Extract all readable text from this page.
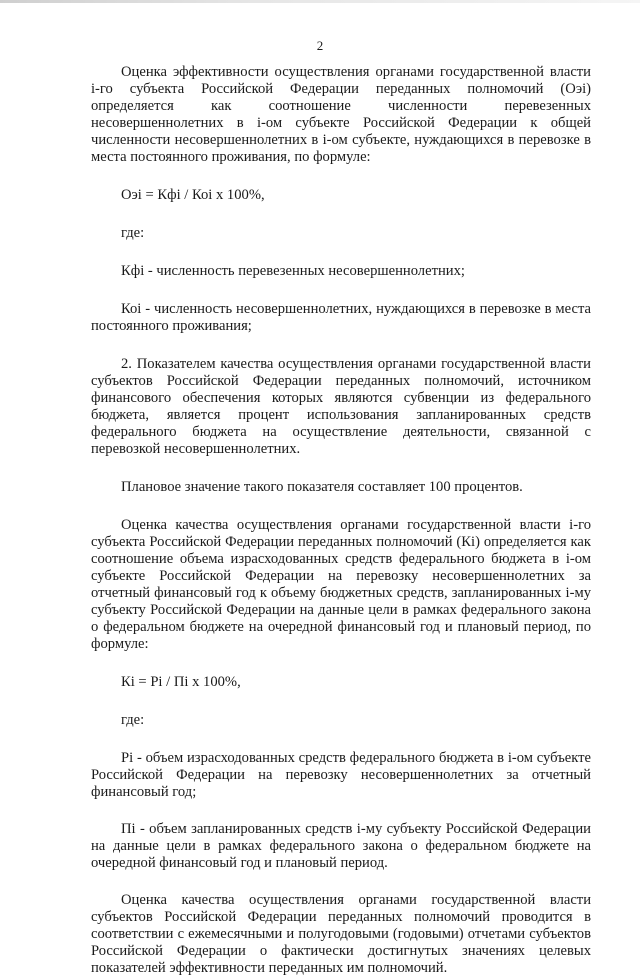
2

Оценка эффективности осуществления органами государственной власти i-го субъекта Российской Федерации переданных полномочий (Оэi) определяется как соотношение численности перевезенных несовершеннолетних в i-ом субъекте Российской Федерации к общей численности несовершеннолетних в i-ом субъекте, нуждающихся в перевозке в места постоянного проживания, по формуле:

Оэi = Кфi / Коi х 100%,

где:

Кфi - численность перевезенных несовершеннолетних;

Коi - численность несовершеннолетних, нуждающихся в перевозке в места постоянного проживания;

2. Показателем качества осуществления органами государственной власти субъектов Российской Федерации переданных полномочий, источником финансового обеспечения которых являются субвенции из федерального бюджета, является процент использования запланированных средств федерального бюджета на осуществление деятельности, связанной с перевозкой несовершеннолетних.

Плановое значение такого показателя составляет 100 процентов.

Оценка качества осуществления органами государственной власти i-го субъекта Российской Федерации переданных полномочий (Кi) определяется как соотношение объема израсходованных средств федерального бюджета в i-ом субъекте Российской Федерации на перевозку несовершеннолетних за отчетный финансовый год к объему бюджетных средств, запланированных i-му субъекту Российской Федерации на данные цели в рамках федерального закона о федеральном бюджете на очередной финансовый год и плановый период, по формуле:

Кi = Рi / Пi х 100%,

где:

Рi - объем израсходованных средств федерального бюджета в i-ом субъекте Российской Федерации на перевозку несовершеннолетних за отчетный финансовый год;

Пi - объем запланированных средств i-му субъекту Российской Федерации на данные цели в рамках федерального закона о федеральном бюджете на очередной финансовый год и плановый период.

Оценка качества осуществления органами государственной власти субъектов Российской Федерации переданных полномочий проводится в соответствии с ежемесячными и полугодовыми (годовыми) отчетами субъектов Российской Федерации о фактически достигнутых значениях целевых показателей эффективности переданных им полномочий.
